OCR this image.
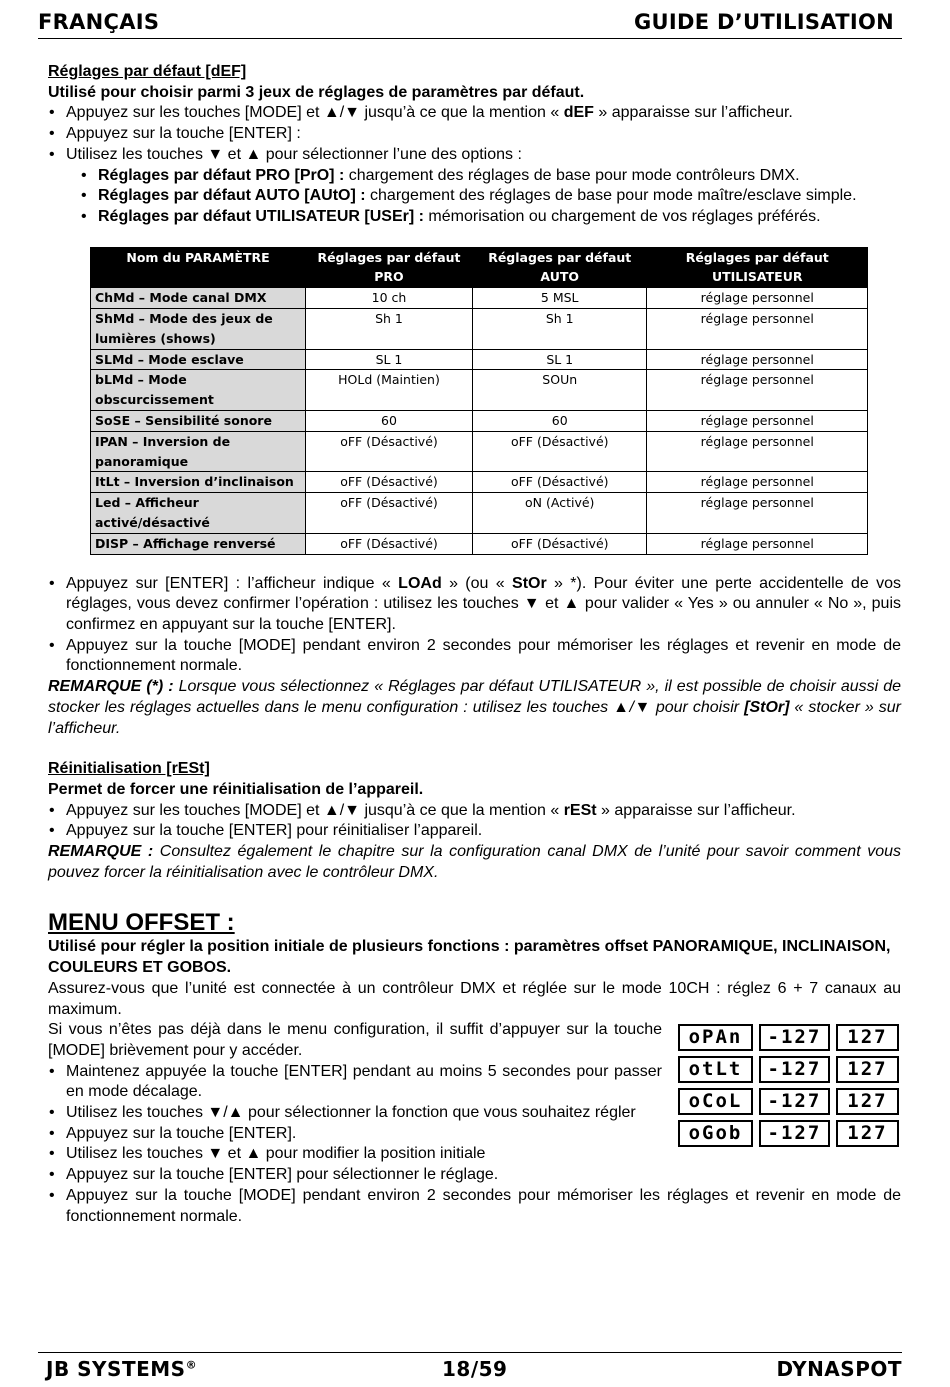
FRANÇAIS	GUIDE D’UTILISATION

Réglages par défaut [dEF]

Utilisé pour choisir parmi 3 jeux de réglages de paramètres par défaut.

• Appuyez sur les touches [MODE] et ▲/▼ jusqu’à ce que la mention « dEF » apparaisse sur l’afficheur.
• Appuyez sur la touche [ENTER] :
• Utilisez les touches ▼ et ▲ pour sélectionner l’une des options :
• Réglages par défaut PRO [PrO] : chargement des réglages de base pour mode contrôleurs DMX.
• Réglages par défaut AUTO [AUtO] : chargement des réglages de base pour mode maître/esclave simple.
• Réglages par défaut UTILISATEUR [USEr] : mémorisation ou chargement de vos réglages préférés.
Nom du PARAMÈTRE	Réglages par défaut PRO	Réglages par défaut AUTO	Réglages par défaut UTILISATEUR
ChMd – Mode canal DMX	10 ch	5 MSL	réglage personnel
ShMd – Mode des jeux de lumières (shows)	Sh 1	Sh 1	réglage personnel
SLMd – Mode esclave	SL 1	SL 1	réglage personnel
bLMd – Mode obscurcissement	HOLd (Maintien)	SOUn	réglage personnel
SoSE – Sensibilité sonore	60	60	réglage personnel
IPAN – Inversion de panoramique	oFF (Désactivé)	oFF (Désactivé)	réglage personnel
ItLt – Inversion d’inclinaison	oFF (Désactivé)	oFF (Désactivé)	réglage personnel
Led – Afficheur activé/désactivé	oFF (Désactivé)	oN (Activé)	réglage personnel
DISP – Affichage renversé	oFF (Désactivé)	oFF (Désactivé)	réglage personnel
• Appuyez sur [ENTER] : l’afficheur indique « LOAd » (ou « StOr » *). Pour éviter une perte accidentelle de vos réglages, vous devez confirmer l’opération : utilisez les touches ▼ et ▲ pour valider « Yes » ou annuler « No », puis confirmez en appuyant sur la touche [ENTER].
• Appuyez sur la touche [MODE] pendant environ 2 secondes pour mémoriser les réglages et revenir en mode de fonctionnement normale.

REMARQUE (*) : Lorsque vous sélectionnez « Réglages par défaut UTILISATEUR », il est possible de choisir aussi de stocker les réglages actuelles dans le menu configuration : utilisez les touches ▲/▼ pour choisir [StOr] « stocker » sur l’afficheur.

Réinitialisation [rESt]

Permet de forcer une réinitialisation de l’appareil.

• Appuyez sur les touches [MODE] et ▲/▼ jusqu’à ce que la mention « rESt » apparaisse sur l’afficheur.
• Appuyez sur la touche [ENTER] pour réinitialiser l’appareil.

REMARQUE : Consultez également le chapitre sur la configuration canal DMX de l’unité pour savoir comment vous pouvez forcer la réinitialisation avec le contrôleur DMX.

MENU OFFSET :

Utilisé pour régler la position initiale de plusieurs fonctions : paramètres offset PANORAMIQUE, INCLINAISON, COULEURS ET GOBOS.

Assurez-vous que l’unité est connectée à un contrôleur DMX et réglée sur le mode 10CH : réglez 6 + 7 canaux au maximum.

Si vous n’êtes pas déjà dans le menu configuration, il suffit d’appuyer sur la touche [MODE] brièvement pour y accéder.

• Maintenez appuyée la touche [ENTER] pendant au moins 5 secondes pour passer en mode décalage.
• Utilisez les touches ▼/▲ pour sélectionner la fonction que vous souhaitez régler
• Appuyez sur la touche [ENTER].
• Utilisez les touches ▼ et ▲ pour modifier la position initiale
• Appuyez sur la touche [ENTER] pour sélectionner le réglage.
oPAn	-127	127
otLt	-127	127
oCoL	-127	127
oGob	-127	127
• Appuyez sur la touche [MODE] pendant environ 2 secondes pour mémoriser les réglages et revenir en mode de fonctionnement normale.
JB SYSTEMS®	18/59	DYNASPOT
